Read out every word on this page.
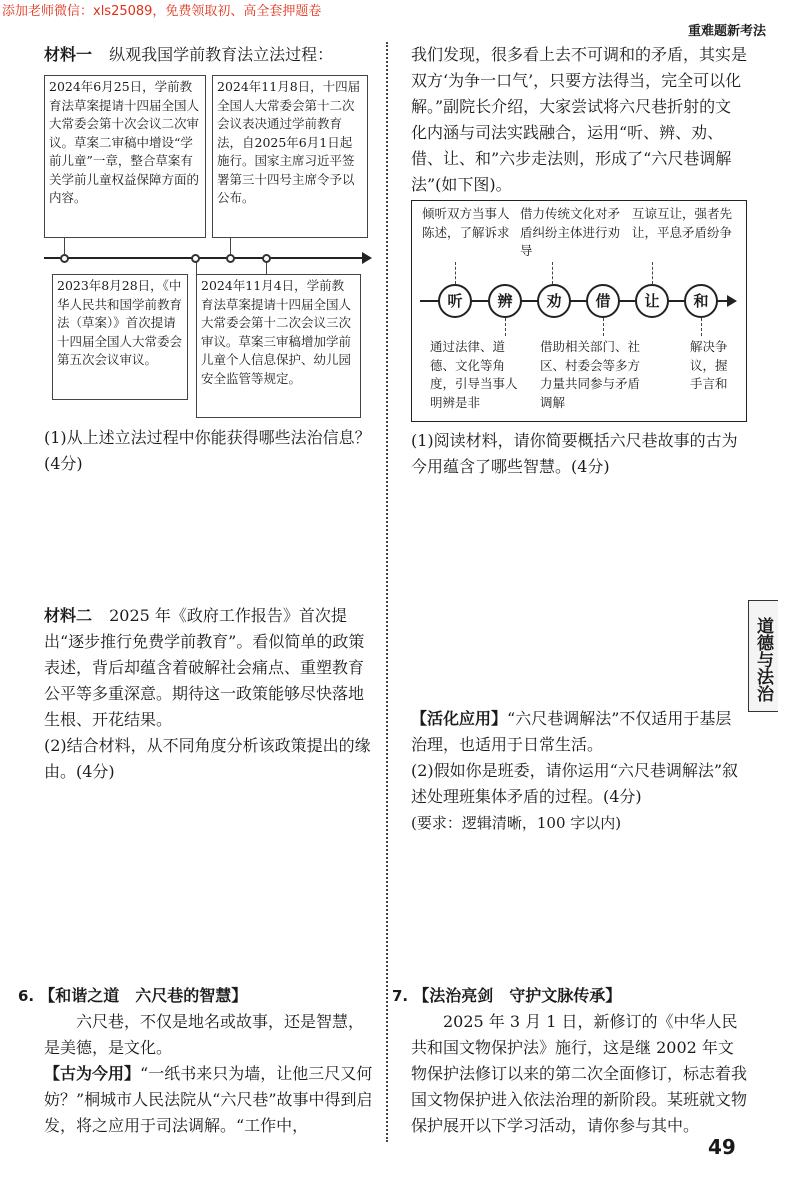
添加老师微信：xls25089，免费领取初、高全套押题卷
重难题新考法
材料一 纵观我国学前教育法立法过程：
2024年6月25日，学前教育法草案提请十四届全国人大常委会第十次会议二次审议。草案二审稿中增设“学前儿童”一章，整合草案有关学前儿童权益保障方面的内容。
2024年11月8日，十四届全国人大常委会第十二次会议表决通过学前教育法，自2025年6月1日起施行。国家主席习近平签署第三十四号主席令予以公布。
2023年8月28日，《中华人民共和国学前教育法（草案）》首次提请十四届全国人大常委会第五次会议审议。
2024年11月4日，学前教育法草案提请十四届全国人大常委会第十二次会议三次审议。草案三审稿增加学前儿童个人信息保护、幼儿园安全监管等规定。
(1)从上述立法过程中你能获得哪些法治信息？(4分)
材料二 2025 年《政府工作报告》首次提出“逐步推行免费学前教育”。看似简单的政策表述，背后却蕴含着破解社会痛点、重塑教育公平等多重深意。期待这一政策能够尽快落地生根、开花结果。
(2)结合材料，从不同角度分析该政策提出的缘由。(4分)
6. 【和谐之道　六尺巷的智慧】
六尺巷，不仅是地名或故事，还是智慧，是美德，是文化。
【古为今用】“一纸书来只为墙，让他三尺又何妨？”桐城市人民法院从“六尺巷”故事中得到启发，将之应用于司法调解。“工作中，
我们发现，很多看上去不可调和的矛盾，其实是双方‘为争一口气’，只要方法得当，完全可以化解。”副院长介绍，大家尝试将六尺巷折射的文化内涵与司法实践融合，运用“听、辨、劝、借、让、和”六步走法则，形成了“六尺巷调解法”(如下图)。
倾听双方当事人陈述，了解诉求
借力传统文化对矛盾纠纷主体进行劝导
互谅互让，强者先让，平息矛盾纷争
听	辨	劝	借	让	和
通过法律、道德、文化等角度，引导当事人明辨是非
借助相关部门、社区、村委会等多方力量共同参与矛盾调解
解决争议，握手言和
(1)阅读材料，请你简要概括六尺巷故事的古为今用蕴含了哪些智慧。(4分)
【活化应用】“六尺巷调解法”不仅适用于基层治理，也适用于日常生活。
(2)假如你是班委，请你运用“六尺巷调解法”叙述处理班集体矛盾的过程。(4分)
(要求：逻辑清晰，100 字以内)
7. 【法治亮剑　守护文脉传承】
2025 年 3 月 1 日，新修订的《中华人民共和国文物保护法》施行，这是继 2002 年文物保护法修订以来的第二次全面修订，标志着我国文物保护进入依法治理的新阶段。某班就文物保护展开以下学习活动，请你参与其中。
道德与法治
49
